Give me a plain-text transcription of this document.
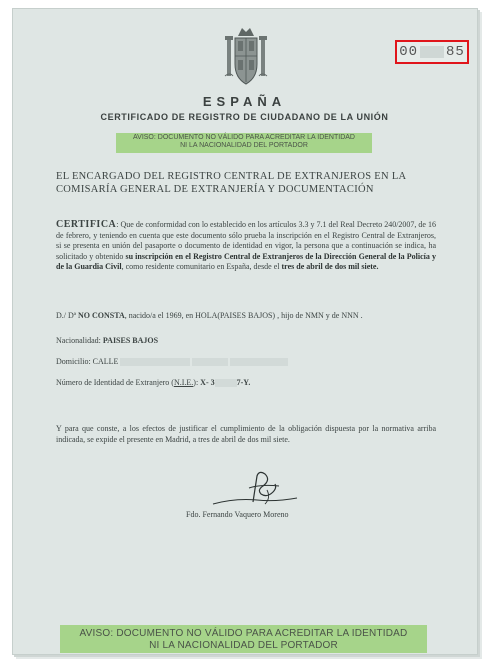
00 85
ESPAÑA
CERTIFICADO DE REGISTRO DE CIUDADANO DE LA UNIÓN
AVISO: DOCUMENTO NO VÁLIDO PARA ACREDITAR LA IDENTIDAD
NI LA NACIONALIDAD DEL PORTADOR
EL ENCARGADO DEL REGISTRO CENTRAL DE EXTRANJEROS EN LA
COMISARÍA GENERAL DE EXTRANJERÍA Y DOCUMENTACIÓN
CERTIFICA: Que de conformidad con lo establecido en los artículos 3.3 y 7.1 del Real Decreto 240/2007, de 16 de febrero, y teniendo en cuenta que este documento sólo prueba la inscripción en el Registro Central de Extranjeros, si se presenta en unión del pasaporte o documento de identidad en vigor, la persona que a continuación se indica, ha solicitado y obtenido su inscripción en el Registro Central de Extranjeros de la Dirección General de la Policía y de la Guardia Civil, como residente comunitario en España, desde el tres de abril de dos mil siete.
D./ Dª NO CONSTA, nacido/a el 1969, en HOLA(PAISES BAJOS) , hijo de NMN y de NNN .
Nacionalidad: PAISES BAJOS
Domicilio: CALLE
Número de Identidad de Extranjero (N.I.E.): X- 3	7-Y.
Y para que conste, a los efectos de justificar el cumplimiento de la obligación dispuesta por la normativa arriba indicada, se expide el presente en Madrid, a tres de abril de dos mil siete.
Fdo. Fernando Vaquero Moreno
AVISO: DOCUMENTO NO VÁLIDO PARA ACREDITAR LA IDENTIDAD
NI LA NACIONALIDAD DEL PORTADOR
